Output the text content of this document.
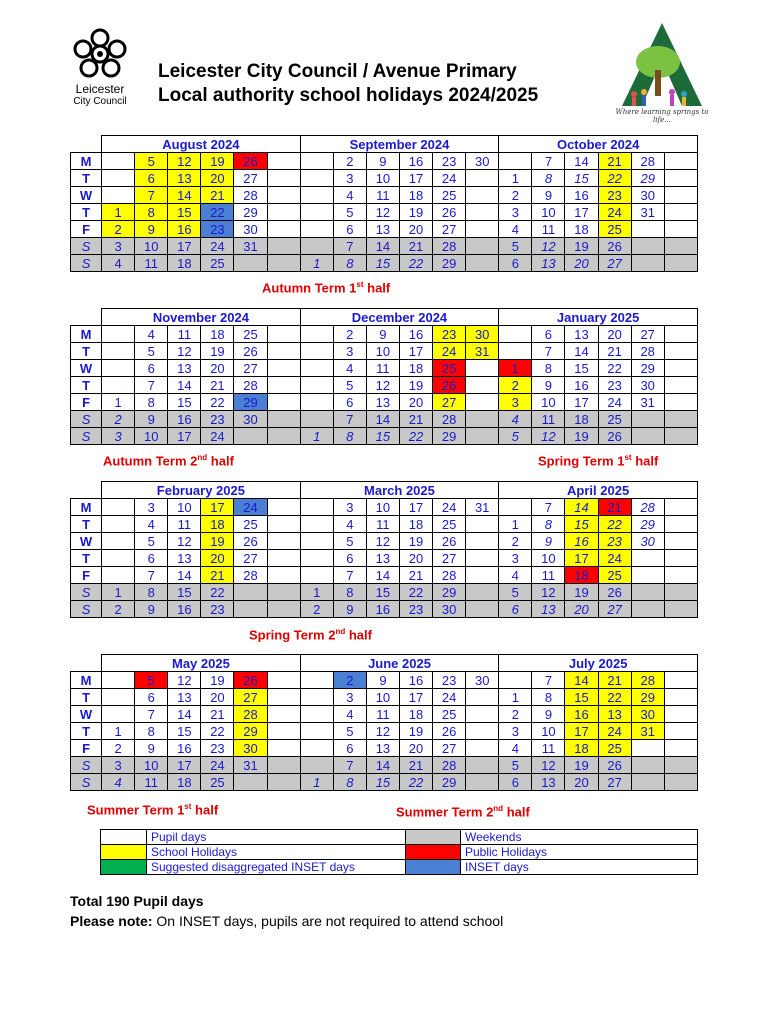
Leicester
City Council
Leicester City Council / Avenue Primary
Local authority school holidays 2024/2025
Where learning springs to life...
	August 2024						September 2024						October 2024					
M		5	12	19	26			2	9	16	23	30		7	14	21	28	
T		6	13	20	27			3	10	17	24		1	8	15	22	29	
W		7	14	21	28			4	11	18	25		2	9	16	23	30	
T	1	8	15	22	29			5	12	19	26		3	10	17	24	31	
F	2	9	16	23	30			6	13	20	27		4	11	18	25		
S	3	10	17	24	31			7	14	21	28		5	12	19	26		
S	4	11	18	25			1	8	15	22	29		6	13	20	27		
Autumn Term 1st half
	November 2024						December 2024						January 2025					
M		4	11	18	25			2	9	16	23	30		6	13	20	27	
T		5	12	19	26			3	10	17	24	31		7	14	21	28	
W		6	13	20	27			4	11	18	25		1	8	15	22	29	
T		7	14	21	28			5	12	19	26		2	9	16	23	30	
F	1	8	15	22	29			6	13	20	27		3	10	17	24	31	
S	2	9	16	23	30			7	14	21	28		4	11	18	25		
S	3	10	17	24			1	8	15	22	29		5	12	19	26		
Autumn Term 2nd half	Spring Term 1st half
	February 2025						March 2025						April 2025					
M		3	10	17	24			3	10	17	24	31		7	14	21	28	
T		4	11	18	25			4	11	18	25		1	8	15	22	29	
W		5	12	19	26			5	12	19	26		2	9	16	23	30	
T		6	13	20	27			6	13	20	27		3	10	17	24		
F		7	14	21	28			7	14	21	28		4	11	18	25		
S	1	8	15	22			1	8	15	22	29		5	12	19	26		
S	2	9	16	23			2	9	16	23	30		6	13	20	27		
Spring Term 2nd half
	May 2025						June 2025						July 2025					
M		5	12	19	26			2	9	16	23	30		7	14	21	28	
T		6	13	20	27			3	10	17	24		1	8	15	22	29	
W		7	14	21	28			4	11	18	25		2	9	16	13	30	
T	1	8	15	22	29			5	12	19	26		3	10	17	24	31	
F	2	9	16	23	30			6	13	20	27		4	11	18	25		
S	3	10	17	24	31			7	14	21	28		5	12	19	26		
S	4	11	18	25			1	8	15	22	29		6	13	20	27		
Summer Term 1st half	Summer Term 2nd half
	Pupil days		Weekends
	School Holidays		Public Holidays
	Suggested disaggregated INSET days		INSET days
Total 190 Pupil days
Please note: On INSET days, pupils are not required to attend school
